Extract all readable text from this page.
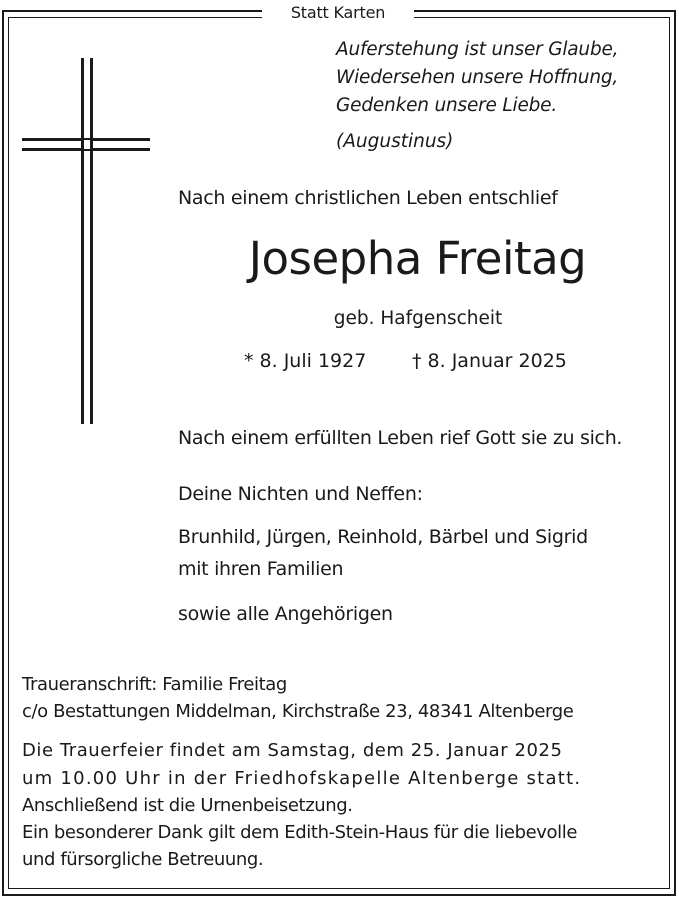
Statt Karten
Auferstehung ist unser Glaube,
Wiedersehen unsere Hoffnung,
Gedenken unsere Liebe.
(Augustinus)
Nach einem christlichen Leben entschlief
Josepha Freitag
geb. Hafgenscheit
* 8. Juli 1927 † 8. Januar 2025
Nach einem erfüllten Leben rief Gott sie zu sich.
Deine Nichten und Neffen:
Brunhild, Jürgen, Reinhold, Bärbel und Sigrid
mit ihren Familien
sowie alle Angehörigen
Traueranschrift: Familie Freitag
c/o Bestattungen Middelman, Kirchstraße 23, 48341 Altenberge
Die Trauerfeier findet am Samstag, dem 25. Januar 2025
um 10.00 Uhr in der Friedhofskapelle Altenberge statt.
Anschließend ist die Urnenbeisetzung.
Ein besonderer Dank gilt dem Edith-Stein-Haus für die liebevolle
und fürsorgliche Betreuung.
